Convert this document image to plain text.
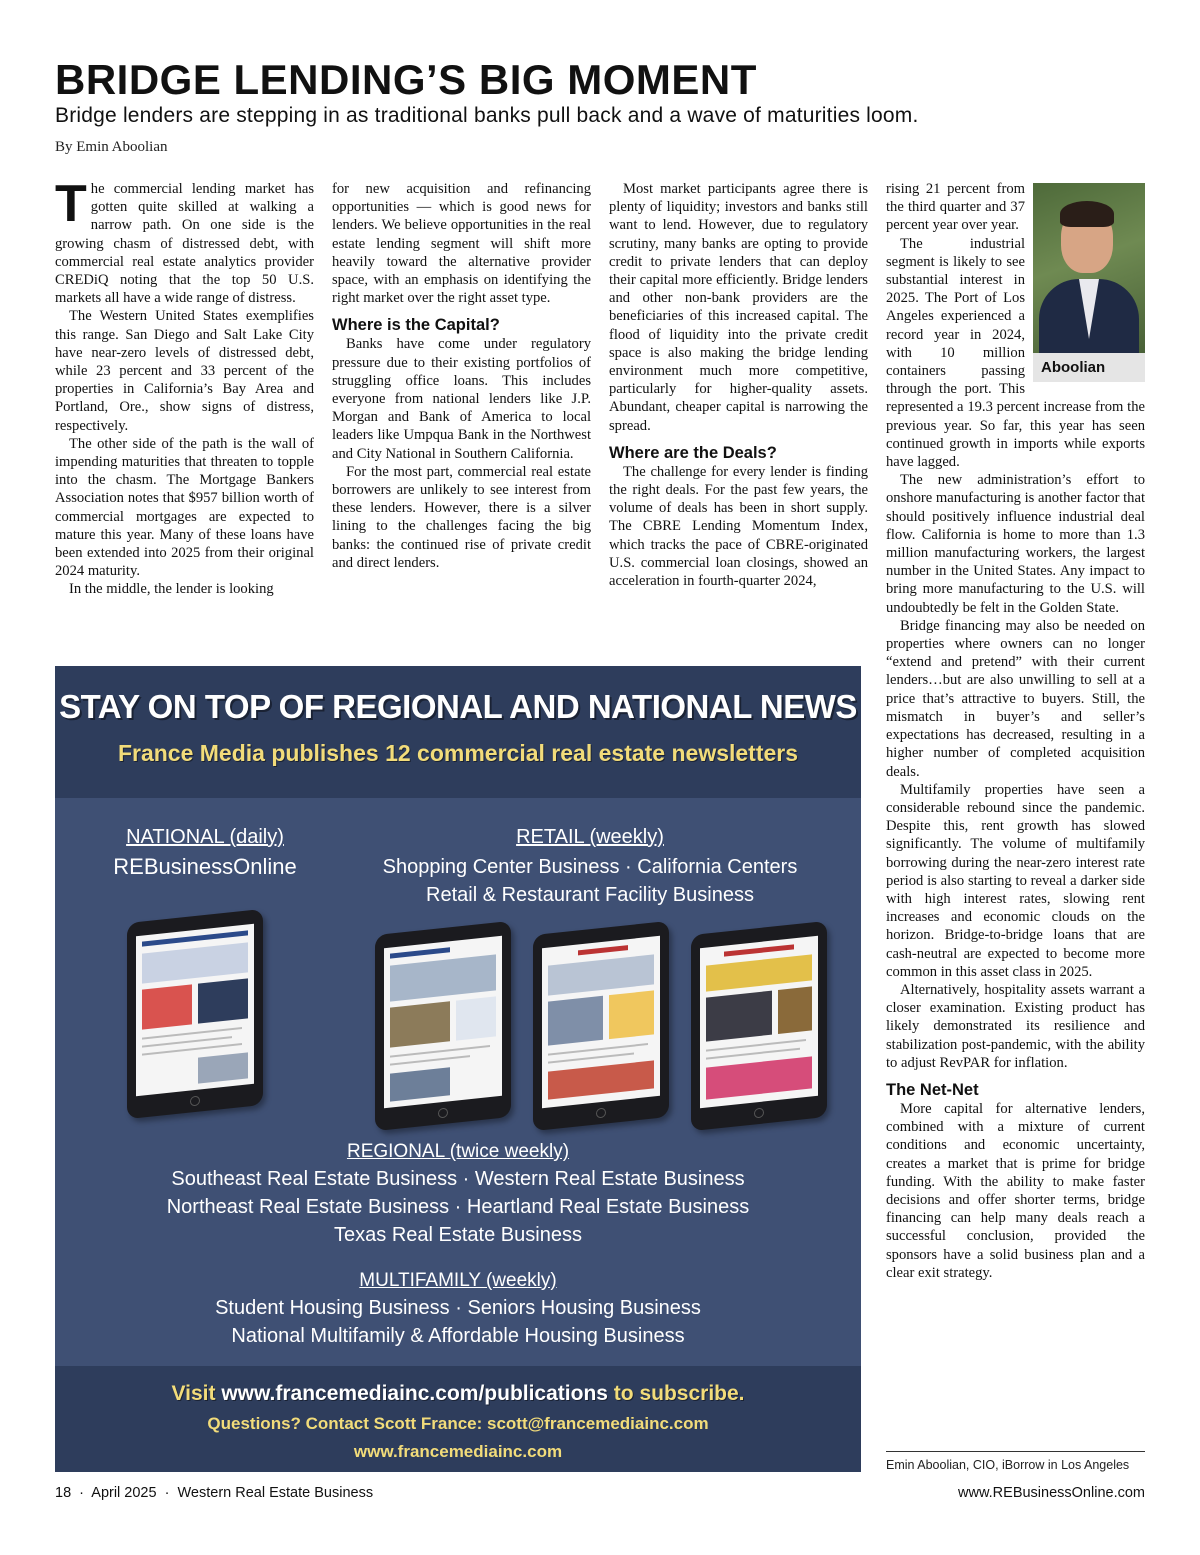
BRIDGE LENDING’S BIG MOMENT
Bridge lenders are stepping in as traditional banks pull back and a wave of maturities loom.
By Emin Aboolian
T he commercial lending market has gotten quite skilled at walking a narrow path. On one side is the growing chasm of distressed debt, with commercial real estate analytics provider CREDiQ noting that the top 50 U.S. markets all have a wide range of distress.

The Western United States exemplifies this range. San Diego and Salt Lake City have near-zero levels of distressed debt, while 23 percent and 33 percent of the properties in California’s Bay Area and Portland, Ore., show signs of distress, respectively.

The other side of the path is the wall of impending maturities that threaten to topple into the chasm. The Mortgage Bankers Association notes that $957 billion worth of commercial mortgages are expected to mature this year. Many of these loans have been extended into 2025 from their original 2024 maturity.

In the middle, the lender is looking

for new acquisition and refinancing opportunities — which is good news for lenders. We believe opportunities in the real estate lending segment will shift more heavily toward the alternative provider space, with an emphasis on identifying the right market over the right asset type.

Where is the Capital?

Banks have come under regulatory pressure due to their existing portfolios of struggling office loans. This includes everyone from national lenders like J.P. Morgan and Bank of America to local leaders like Umpqua Bank in the Northwest and City National in Southern California.

For the most part, commercial real estate borrowers are unlikely to see interest from these lenders. However, there is a silver lining to the challenges facing the big banks: the continued rise of private credit and direct lenders.

Most market participants agree there is plenty of liquidity; investors and banks still want to lend. However, due to regulatory scrutiny, many banks are opting to provide credit to private lenders that can deploy their capital more efficiently. Bridge lenders and other non-bank providers are the beneficiaries of this increased capital. The flood of liquidity into the private credit space is also making the bridge lending environment much more competitive, particularly for higher-quality assets. Abundant, cheaper capital is narrowing the spread.

Where are the Deals?

The challenge for every lender is finding the right deals. For the past few years, the volume of deals has been in short supply. The CBRE Lending Momentum Index, which tracks the pace of CBRE-originated U.S. commercial loan closings, showed an acceleration in fourth-quarter 2024,

Aboolian

rising 21 percent from the third quarter and 37 percent year over year.

The industrial segment is likely to see substantial interest in 2025. The Port of Los Angeles experienced a record year in 2024, with 10 million containers passing through the port. This represented a 19.3 percent increase from the previous year. So far, this year has seen continued growth in imports while exports have lagged.

The new administration’s effort to onshore manufacturing is another factor that should positively influence industrial deal flow. California is home to more than 1.3 million manufacturing workers, the largest number in the United States. Any impact to bring more manufacturing to the U.S. will undoubtedly be felt in the Golden State.

Bridge financing may also be needed on properties where owners can no longer “extend and pretend” with their current lenders…but are also unwilling to sell at a price that’s attractive to buyers. Still, the mismatch in buyer’s and seller’s expectations has decreased, resulting in a higher number of completed acquisition deals.

Multifamily properties have seen a considerable rebound since the pandemic. Despite this, rent growth has slowed significantly. The volume of multifamily borrowing during the near-zero interest rate period is also starting to reveal a darker side with high interest rates, slowing rent increases and economic clouds on the horizon. Bridge-to-bridge loans that are cash-neutral are expected to become more common in this asset class in 2025.

Alternatively, hospitality assets warrant a closer examination. Existing product has likely demonstrated its resilience and stabilization post-pandemic, with the ability to adjust RevPAR for inflation.

The Net-Net

More capital for alternative lenders, combined with a mixture of current conditions and economic uncertainty, creates a market that is prime for bridge funding. With the ability to make faster decisions and offer shorter terms, bridge financing can help many deals reach a successful conclusion, provided the sponsors have a solid business plan and a clear exit strategy.

Emin Aboolian, CIO, iBorrow in Los Angeles
STAY ON TOP OF REGIONAL AND NATIONAL NEWS
France Media publishes 12 commercial real estate newsletters
NATIONAL (daily)
REBusinessOnline
RETAIL (weekly)
Shopping Center Business · California Centers
Retail & Restaurant Facility Business
REGIONAL (twice weekly)
Southeast Real Estate Business · Western Real Estate Business
Northeast Real Estate Business · Heartland Real Estate Business
Texas Real Estate Business
MULTIFAMILY (weekly)
Student Housing Business · Seniors Housing Business
National Multifamily & Affordable Housing Business
Visit www.francemediainc.com/publications to subscribe.
Questions? Contact Scott France: scott@francemediainc.com
www.francemediainc.com
18  ·  April 2025  ·  Western Real Estate Business	www.REBusinessOnline.com
